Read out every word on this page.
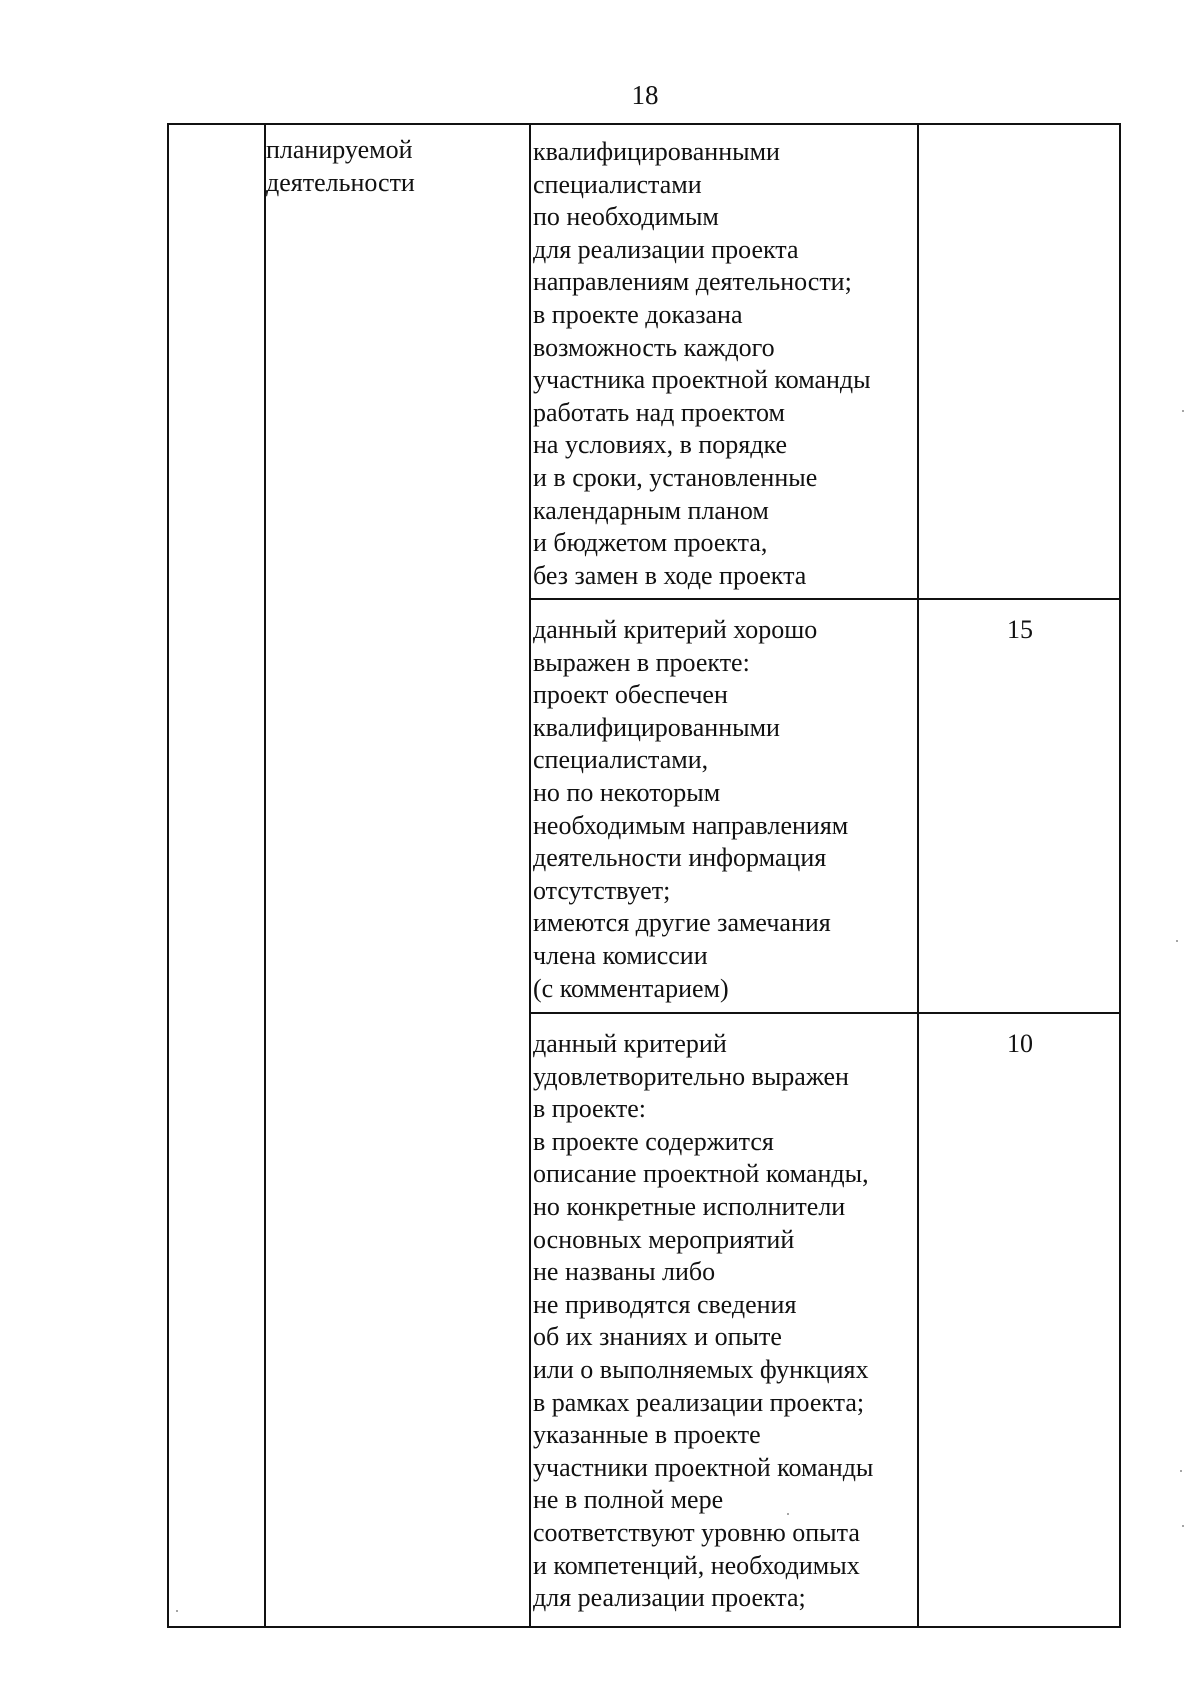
18
планируемой
деятельности
квалифицированными
специалистами
по необходимым
для реализации проекта
направлениям деятельности;
в проекте доказана
возможность каждого
участника проектной команды
работать над проектом
на условиях, в порядке
и в сроки, установленные
календарным планом
и бюджетом проекта,
без замен в ходе проекта
данный критерий хорошо
выражен в проекте:
проект обеспечен
квалифицированными
специалистами,
но по некоторым
необходимым направлениям
деятельности информация
отсутствует;
имеются другие замечания
члена комиссии
(с комментарием)
15
данный критерий
удовлетворительно выражен
в проекте:
в проекте содержится
описание проектной команды,
но конкретные исполнители
основных мероприятий
не названы либо
не приводятся сведения
об их знаниях и опыте
или о выполняемых функциях
в рамках реализации проекта;
указанные в проекте
участники проектной команды
не в полной мере
соответствуют уровню опыта
и компетенций, необходимых
для реализации проекта;
10
